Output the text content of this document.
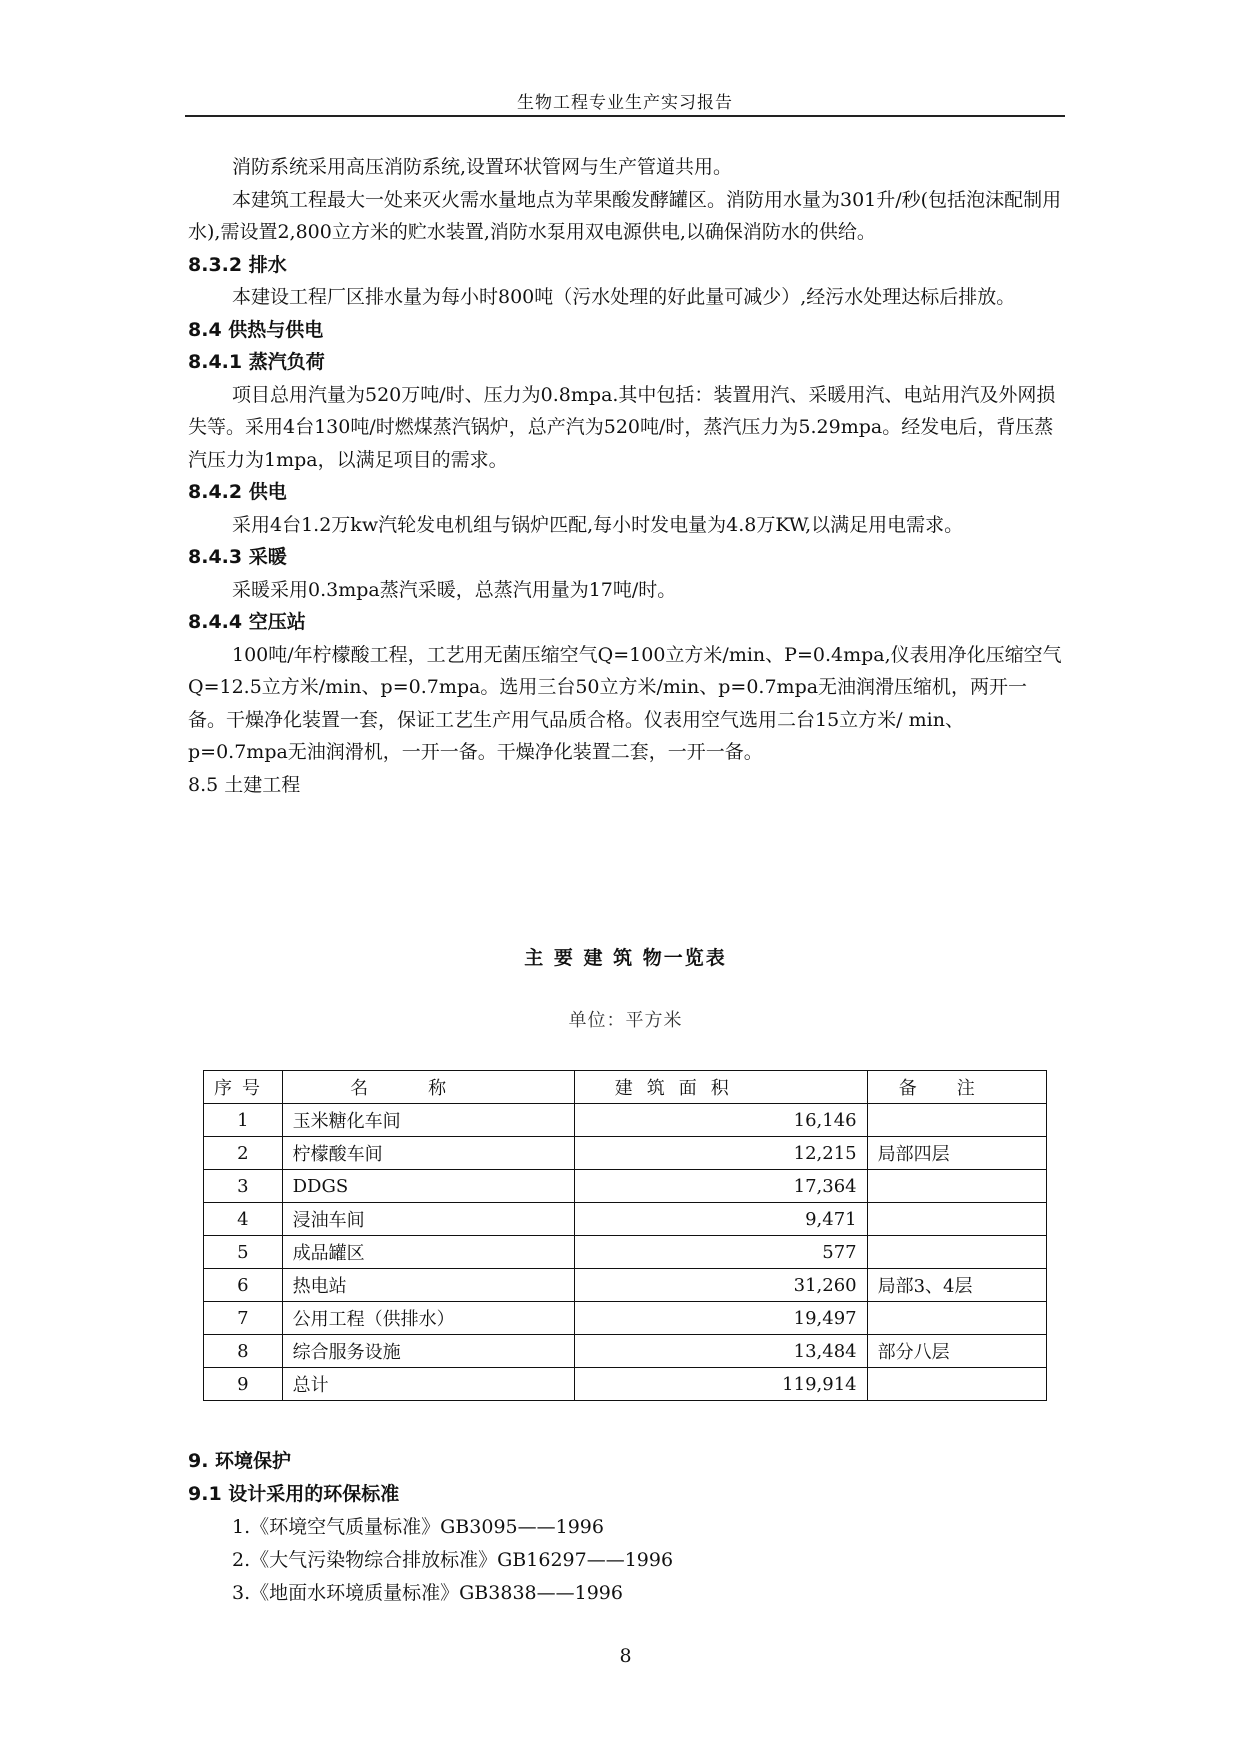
生物工程专业生产实习报告

消防系统采用高压消防系统,设置环状管网与生产管道共用。

本建筑工程最大一处来灭火需水量地点为苹果酸发酵罐区。消防用水量为301升/秒(包括泡沫配制用水),需设置2,800立方米的贮水装置,消防水泵用双电源供电,以确保消防水的供给。

8.3.2 排水

本建设工程厂区排水量为每小时800吨（污水处理的好此量可减少）,经污水处理达标后排放。

8.4 供热与供电

8.4.1 蒸汽负荷

项目总用汽量为520万吨/时、压力为0.8mpa.其中包括：装置用汽、采暖用汽、电站用汽及外网损失等。采用4台130吨/时燃煤蒸汽锅炉，总产汽为520吨/时，蒸汽压力为5.29mpa。经发电后，背压蒸汽压力为1mpa，以满足项目的需求。

8.4.2 供电

采用4台1.2万kw汽轮发电机组与锅炉匹配,每小时发电量为4.8万KW,以满足用电需求。

8.4.3 采暖

采暖采用0.3mpa蒸汽采暖，总蒸汽用量为17吨/时。

8.4.4 空压站

100吨/年柠檬酸工程，工艺用无菌压缩空气Q=100立方米/min、P=0.4mpa,仪表用净化压缩空气Q=12.5立方米/min、p=0.7mpa。选用三台50立方米/min、p=0.7mpa无油润滑压缩机，两开一备。干燥净化装置一套，保证工艺生产用气品质合格。仪表用空气选用二台15立方米/ min、p=0.7mpa无油润滑机，一开一备。干燥净化装置二套，一开一备。

8.5 土建工程

主 要 建 筑 物一览表
单位：平方米
序号	名称	建筑面积	备注
1	玉米糖化车间	16,146	
2	柠檬酸车间	12,215	局部四层
3	DDGS	17,364	
4	浸油车间	9,471	
5	成品罐区	577	
6	热电站	31,260	局部3、4层
7	公用工程（供排水）	19,497	
8	综合服务设施	13,484	部分八层
9	总计	119,914	

9. 环境保护

9.1 设计采用的环保标准

1.《环境空气质量标准》GB3095——1996

2.《大气污染物综合排放标准》GB16297——1996

3.《地面水环境质量标准》GB3838——1996

8
